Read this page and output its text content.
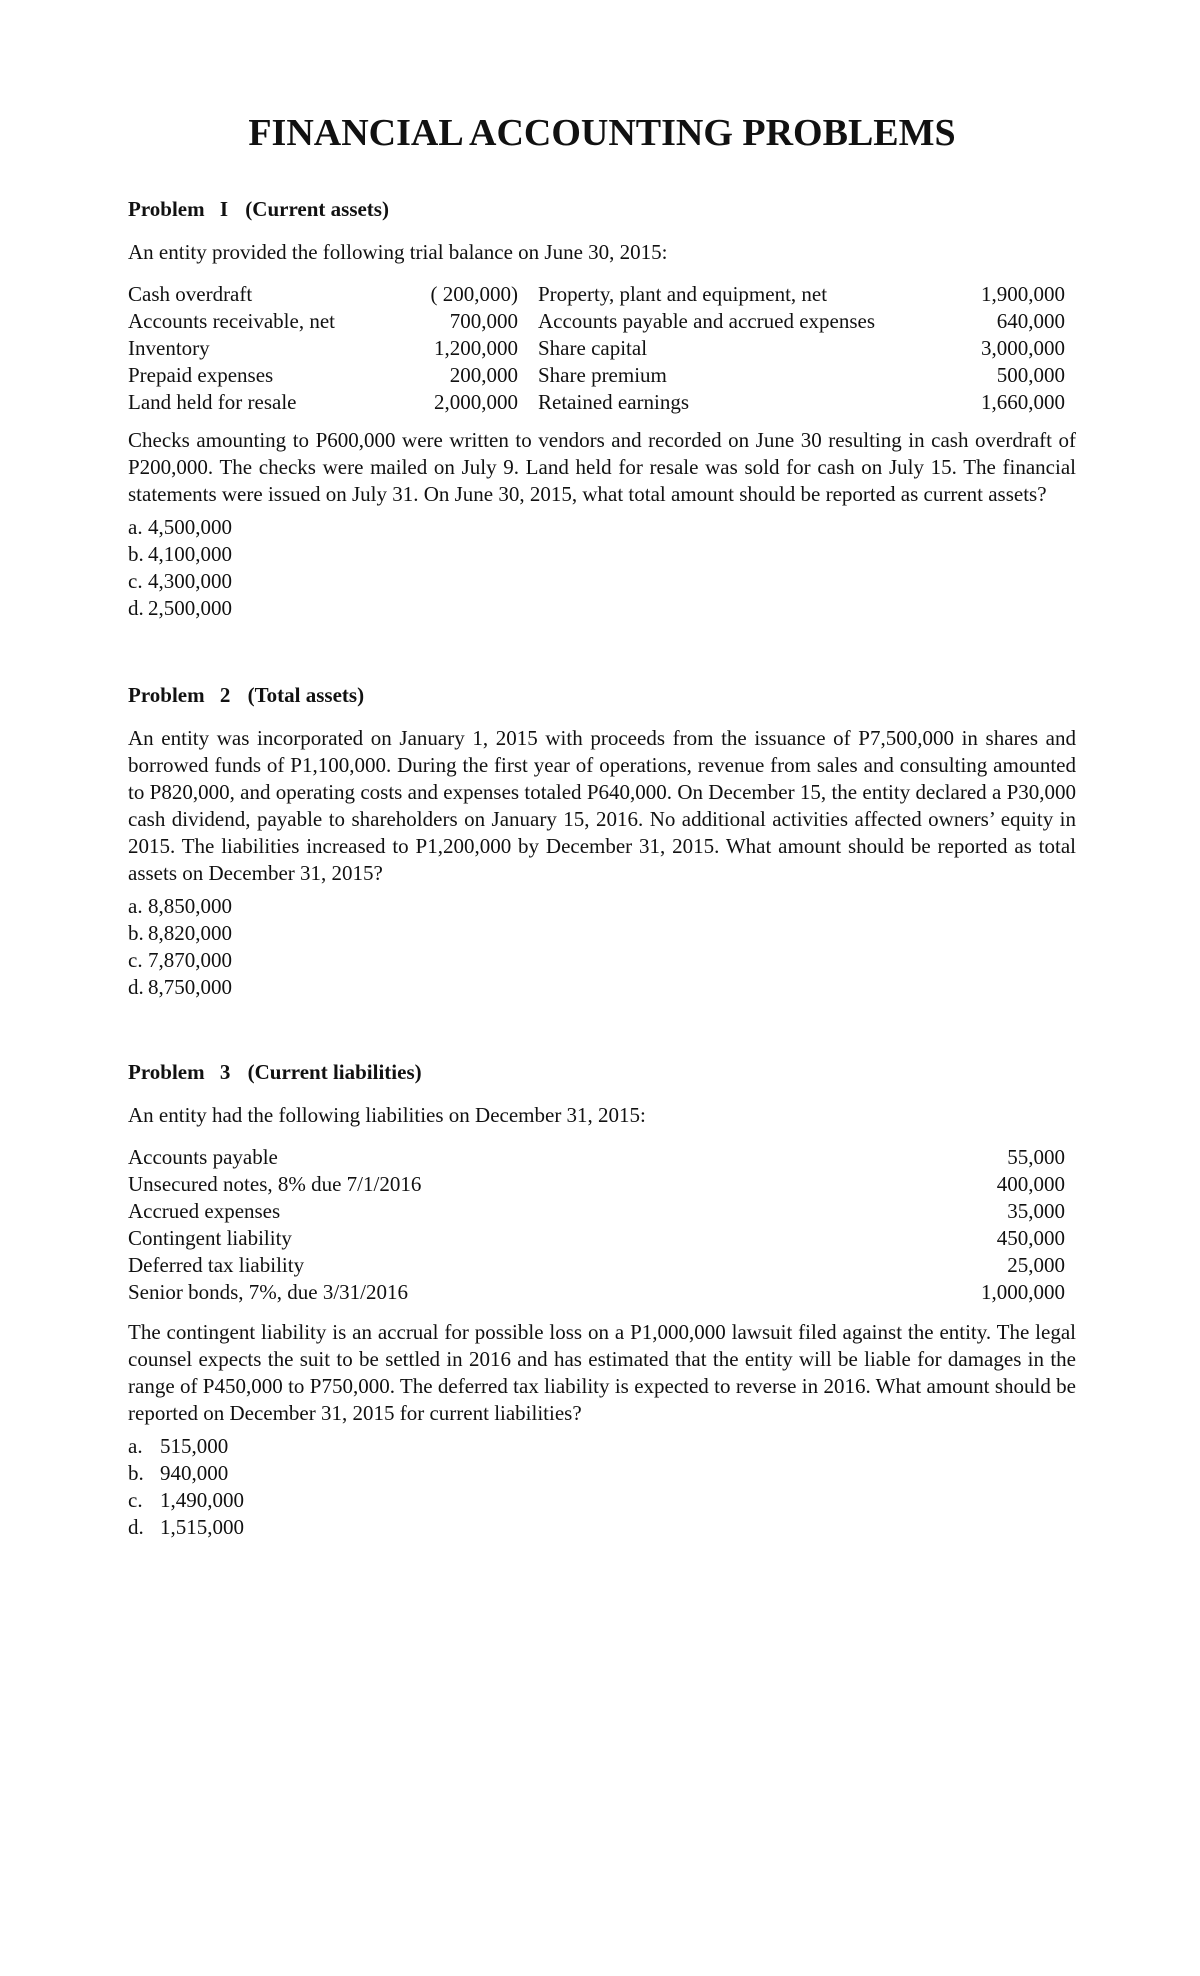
FINANCIAL ACCOUNTING PROBLEMS
Problem I (Current assets)

An entity provided the following trial balance on June 30, 2015:

Cash overdraft	( 200,000)	Property, plant and equipment, net	1,900,000
Accounts receivable, net	700,000	Accounts payable and accrued expenses	640,000
Inventory	1,200,000	Share capital	3,000,000
Prepaid expenses	200,000	Share premium	500,000
Land held for resale	2,000,000	Retained earnings	1,660,000

Checks amounting to P600,000 were written to vendors and recorded on June 30 resulting in cash overdraft of P200,000. The checks were mailed on July 9. Land held for resale was sold for cash on July 15. The financial statements were issued on July 31. On June 30, 2015, what total amount should be reported as current assets?

a. 4,500,000
b. 4,100,000
c. 4,300,000
d. 2,500,000
Problem 2 (Total assets)

An entity was incorporated on January 1, 2015 with proceeds from the issuance of P7,500,000 in shares and borrowed funds of P1,100,000. During the first year of operations, revenue from sales and consulting amounted to P820,000, and operating costs and expenses totaled P640,000. On December 15, the entity declared a P30,000 cash dividend, payable to shareholders on January 15, 2016. No additional activities affected owners’ equity in 2015. The liabilities increased to P1,200,000 by December 31, 2015. What amount should be reported as total assets on December 31, 2015?

a. 8,850,000
b. 8,820,000
c. 7,870,000
d. 8,750,000
Problem 3 (Current liabilities)

An entity had the following liabilities on December 31, 2015:

Accounts payable	55,000
Unsecured notes, 8% due 7/1/2016	400,000
Accrued expenses	35,000
Contingent liability	450,000
Deferred tax liability	25,000
Senior bonds, 7%, due 3/31/2016	1,000,000

The contingent liability is an accrual for possible loss on a P1,000,000 lawsuit filed against the entity. The legal counsel expects the suit to be settled in 2016 and has estimated that the entity will be liable for damages in the range of P450,000 to P750,000. The deferred tax liability is expected to reverse in 2016. What amount should be reported on December 31, 2015 for current liabilities?

a. 515,000
b. 940,000
c. 1,490,000
d. 1,515,000
